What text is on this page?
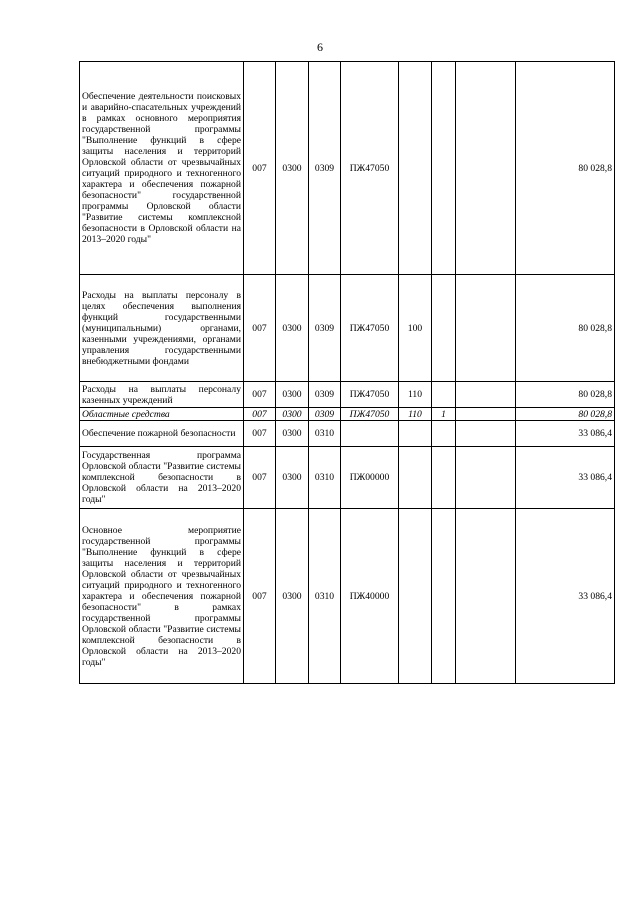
6
Обеспечение деятельности поисковых и аварийно-спасательных учреждений в рамках основного мероприятия государственной программы "Выполнение функций в сфере защиты населения и территорий Орловской области от чрезвычайных ситуаций природного и техногенного характера и обеспечения пожарной безопасности" государственной программы Орловской области "Развитие системы комплексной безопасности в Орловской области на 2013–2020 годы"	007	0300	0309	ПЖ47050				80 028,8
Расходы на выплаты персоналу в целях обеспечения выполнения функций государственными (муниципальными) органами, казенными учреждениями, органами управления государственными внебюджетными фондами	007	0300	0309	ПЖ47050	100			80 028,8
Расходы на выплаты персоналу казенных учреждений	007	0300	0309	ПЖ47050	110			80 028,8
Областные средства	007	0300	0309	ПЖ47050	110	1		80 028,8
Обеспечение пожарной безопасности	007	0300	0310					33 086,4
Государственная программа Орловской области "Развитие системы комплексной безопасности в Орловской области на 2013–2020 годы"	007	0300	0310	ПЖ00000				33 086,4
Основное мероприятие государственной программы "Выполнение функций в сфере защиты населения и территорий Орловской области от чрезвычайных ситуаций природного и техногенного характера и обеспечения пожарной безопасности" в рамках государственной программы Орловской области "Развитие системы комплексной безопасности в Орловской области на 2013–2020 годы"	007	0300	0310	ПЖ40000				33 086,4
